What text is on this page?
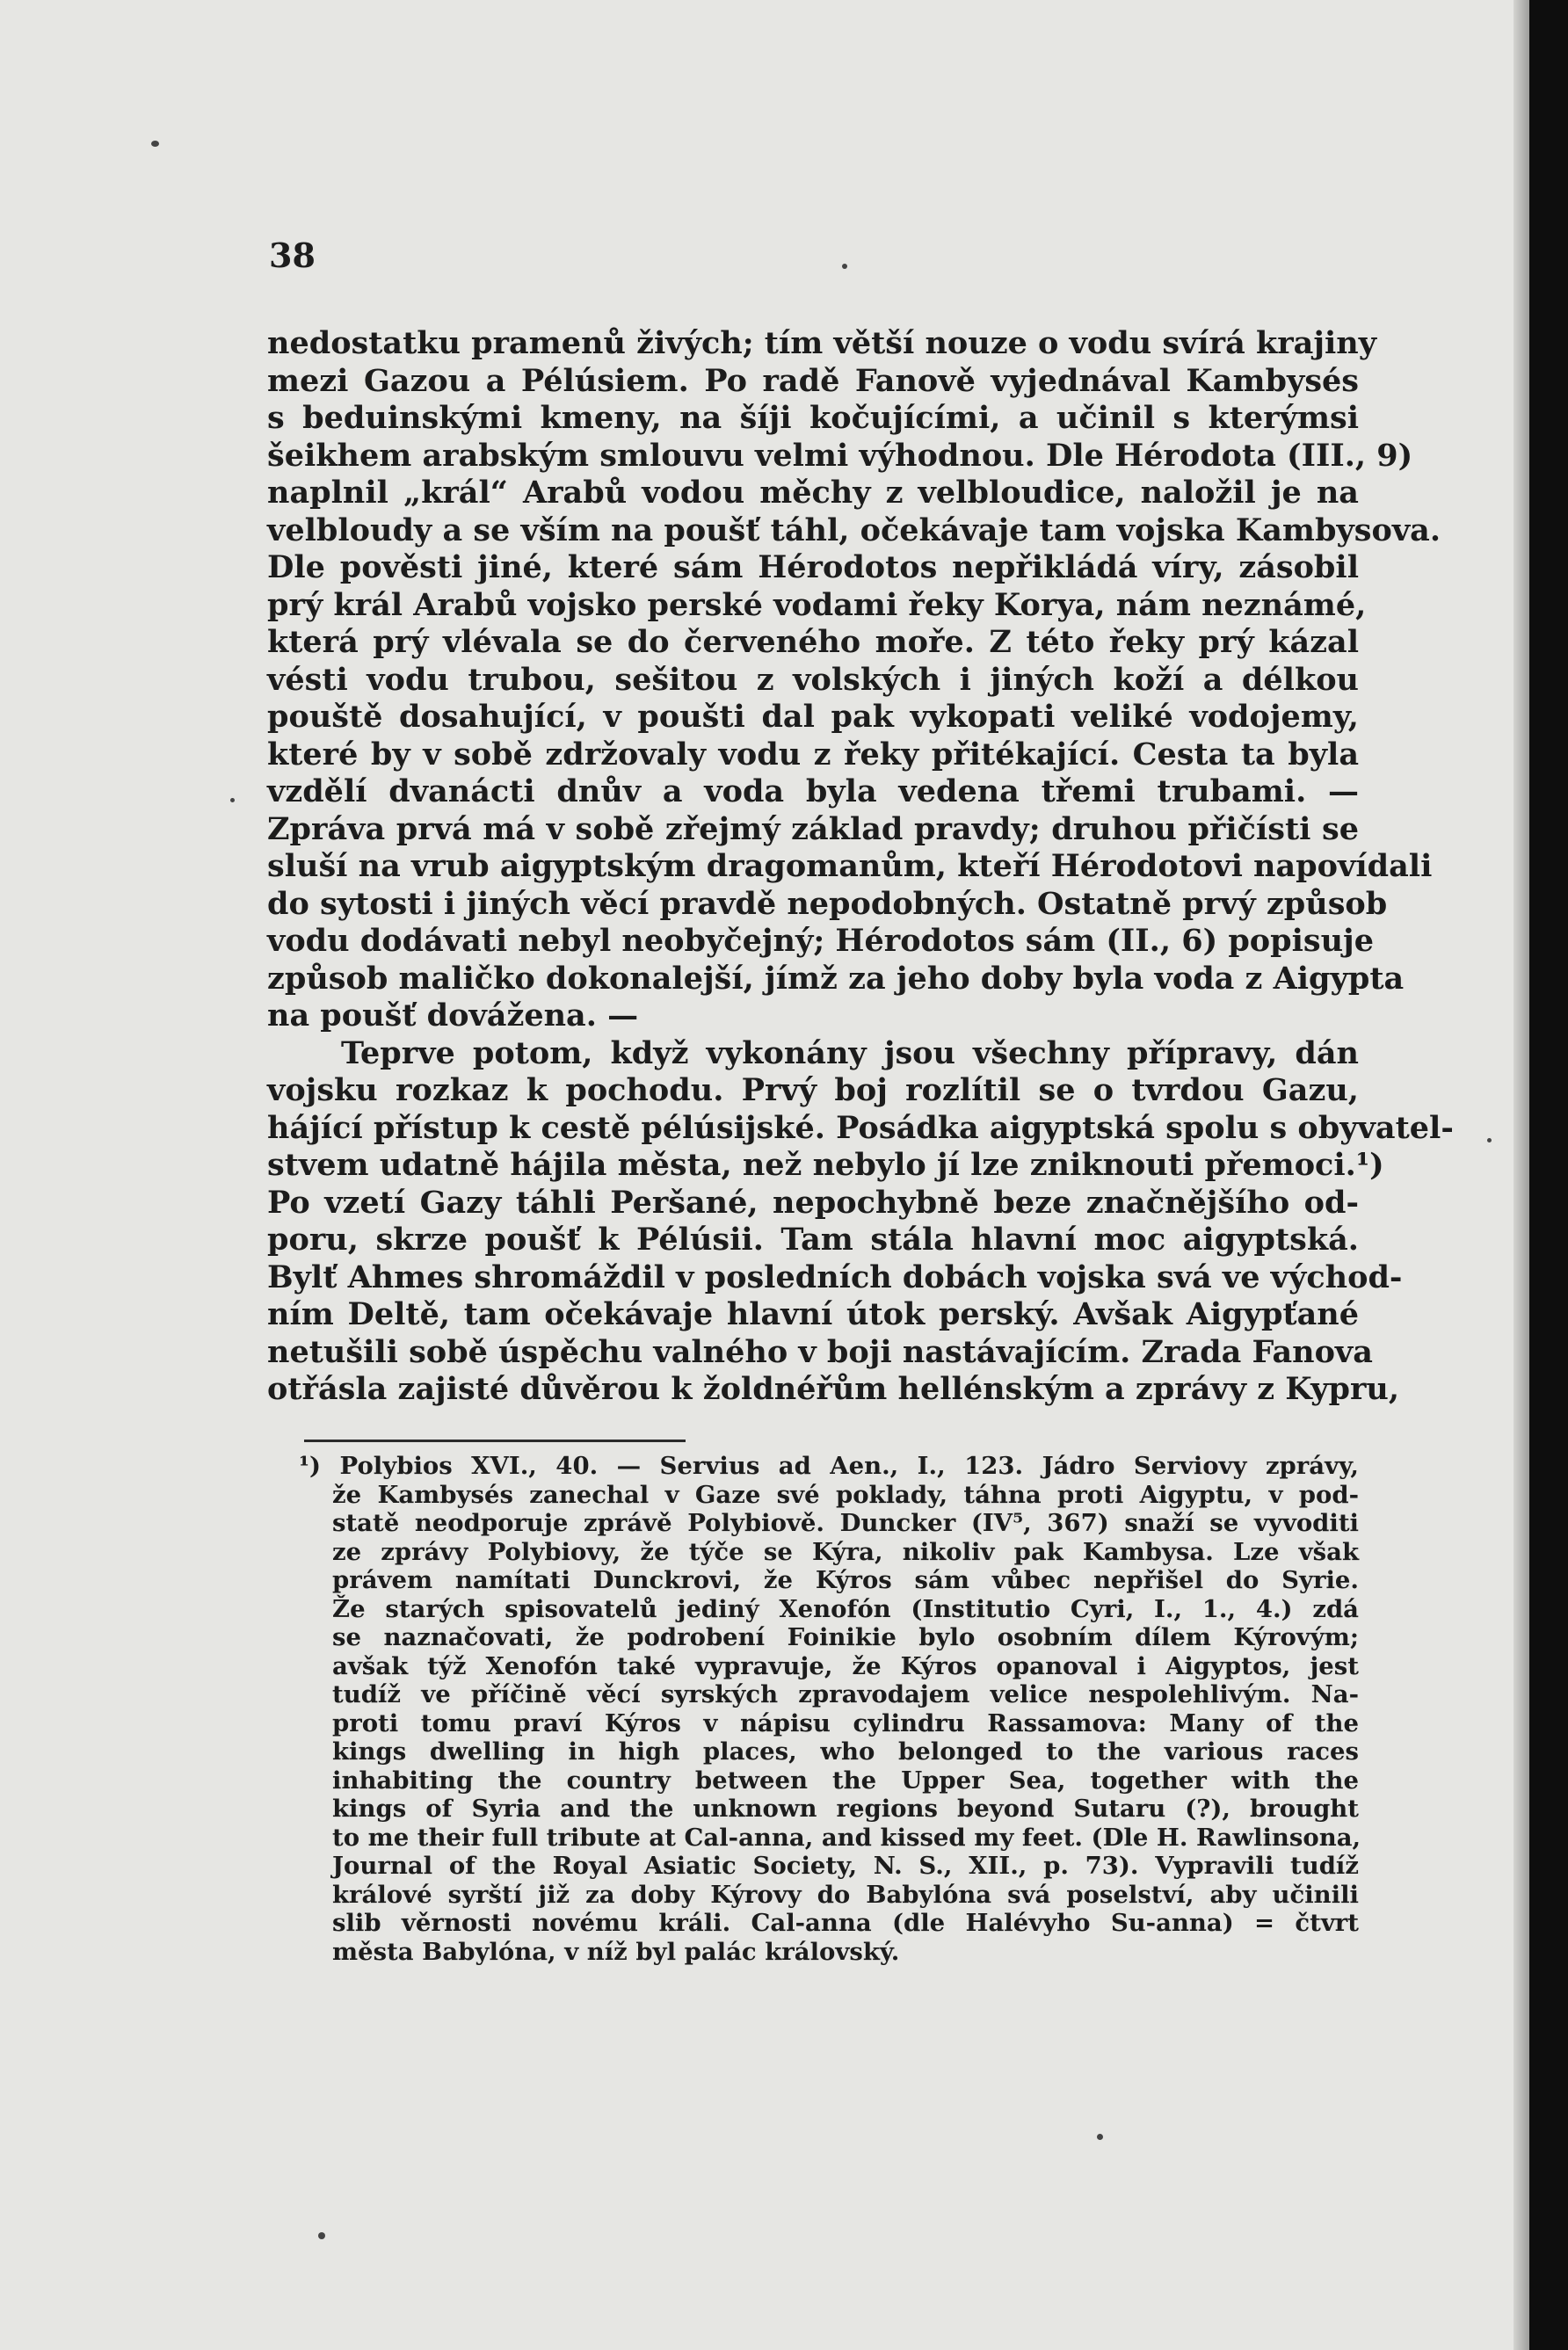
38
nedostatku pramenů živých; tím větší nouze o vodu svírá krajiny
mezi Gazou a Pélúsiem. Po radě Fanově vyjednával Kambysés
s beduinskými kmeny, na šíji kočujícími, a učinil s kterýmsi
šeikhem arabským smlouvu velmi výhodnou. Dle Hérodota (III., 9)
naplnil „král“ Arabů vodou měchy z velbloudice, naložil je na
velbloudy a se vším na poušť táhl, očekávaje tam vojska Kambysova.
Dle pověsti jiné, které sám Hérodotos nepřikládá víry, zásobil
prý král Arabů vojsko perské vodami řeky Korya, nám neznámé,
která prý vlévala se do červeného moře. Z této řeky prý kázal
vésti vodu trubou, sešitou z volských i jiných koží a délkou
pouště dosahující, v poušti dal pak vykopati veliké vodojemy,
které by v sobě zdržovaly vodu z řeky přitékající. Cesta ta byla
vzdělí dvanácti dnův a voda byla vedena třemi trubami. —
Zpráva prvá má v sobě zřejmý základ pravdy; druhou přičísti se
sluší na vrub aigyptským dragomanům, kteří Hérodotovi napovídali
do sytosti i jiných věcí pravdě nepodobných. Ostatně prvý způsob
vodu dodávati nebyl neobyčejný; Hérodotos sám (II., 6) popisuje
způsob maličko dokonalejší, jímž za jeho doby byla voda z Aigypta
na poušť dovážena. —
Teprve potom, když vykonány jsou všechny přípravy, dán
vojsku rozkaz k pochodu. Prvý boj rozlítil se o tvrdou Gazu,
hájící přístup k cestě pélúsijské. Posádka aigyptská spolu s obyvatel-
stvem udatně hájila města, než nebylo jí lze zniknouti přemoci.¹)
Po vzetí Gazy táhli Peršané, nepochybně beze značnějšího od-
poru, skrze poušť k Pélúsii. Tam stála hlavní moc aigyptská.
Bylť Ahmes shromáždil v posledních dobách vojska svá ve východ-
ním Deltě, tam očekávaje hlavní útok perský. Avšak Aigypťané
netušili sobě úspěchu valného v boji nastávajícím. Zrada Fanova
otřásla zajisté důvěrou k žoldnéřům hellénským a zprávy z Kypru,
¹) Polybios XVI., 40. — Servius ad Aen., I., 123. Jádro Serviovy zprávy,
že Kambysés zanechal v Gaze své poklady, táhna proti Aigyptu, v pod-
statě neodporuje zprávě Polybiově. Duncker (IV⁵, 367) snaží se vyvoditi
ze zprávy Polybiovy, že týče se Kýra, nikoliv pak Kambysa. Lze však
právem namítati Dunckrovi, že Kýros sám vůbec nepřišel do Syrie.
Že starých spisovatelů jediný Xenofón (Institutio Cyri, I., 1., 4.) zdá
se naznačovati, že podrobení Foinikie bylo osobním dílem Kýrovým;
avšak týž Xenofón také vypravuje, že Kýros opanoval i Aigyptos, jest
tudíž ve příčině věcí syrských zpravodajem velice nespolehlivým. Na-
proti tomu praví Kýros v nápisu cylindru Rassamova: Many of the
kings dwelling in high places, who belonged to the various races
inhabiting the country between the Upper Sea, together with the
kings of Syria and the unknown regions beyond Sutaru (?), brought
to me their full tribute at Cal-anna, and kissed my feet. (Dle H. Rawlinsona,
Journal of the Royal Asiatic Society, N. S., XII., p. 73). Vypravili tudíž
králové syrští již za doby Kýrovy do Babylóna svá poselství, aby učinili
slib věrnosti novému králi. Cal-anna (dle Halévyho Su-anna) = čtvrt
města Babylóna, v níž byl palác královský.
